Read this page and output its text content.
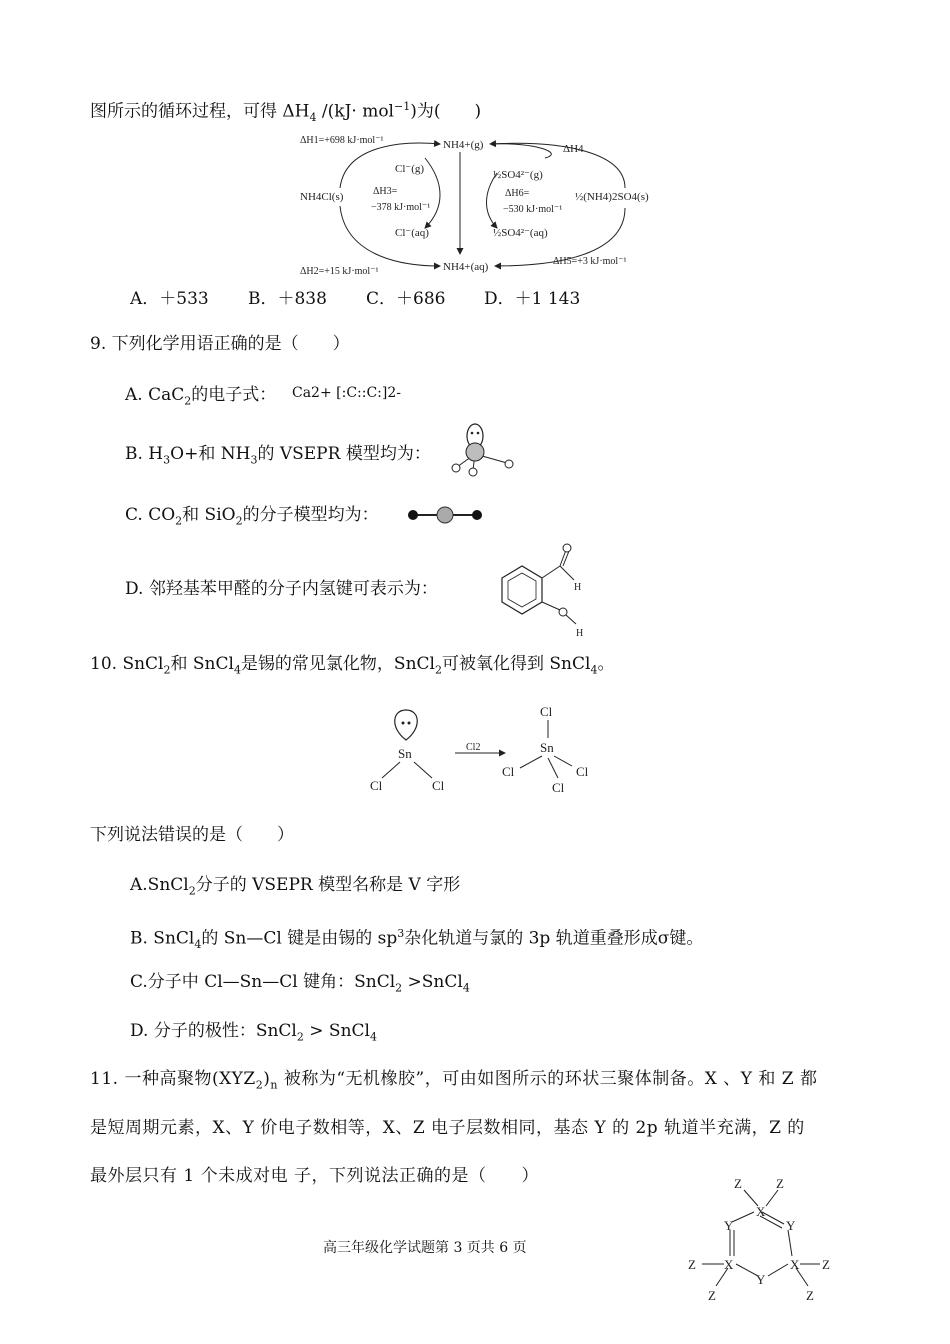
图所示的循环过程，可得 $\Delta H_4$ /(kJ· mol$^{-1}$)为(　　)
ΔH1=+698 kJ·mol⁻¹	NH4+(g)	ΔH4
Cl⁻(g)	½SO4²⁻(g)
NH4Cl(s)	ΔH3=
−378 kJ·mol⁻¹
ΔH6=
−530 kJ·mol⁻¹
½(NH4)2SO4(s)
Cl⁻(aq)	½SO4²⁻(aq)
ΔH2=+15 kJ·mol⁻¹	NH4+(aq)	ΔH5=+3 kJ·mol⁻¹
A．＋533 B．＋838 C．＋686 D．＋1 143
9. 下列化学用语正确的是（　　）
A. CaC$_2$的电子式： Ca2+ [:C::C:]2-
B. $H_3O+$和 $NH_3$的 VSEPR 模型均为：
C. $CO_2$和 SiO$_2$的分子模型均为：
D. 邻羟基苯甲醛的分子内氢键可表示为：	H
H
10. SnCl$_2$和 SnCl$_4$是锡的常见氯化物，SnCl$_2$可被氧化得到 SnCl$_4$。
Sn
Cl	Cl
Cl2
Cl
Sn
Cl	Cl
Cl
下列说法错误的是（　　）
A.SnCl$_2$分子的 VSEPR 模型名称是 V 字形
B. SnCl$_4$的 Sn—Cl 键是由锡的 $sp^3$杂化轨道与氯的 3p 轨道重叠形成σ键。
C.分子中 Cl—Sn—Cl 键角：SnCl$_2$ >SnCl$_4$
D. 分子的极性：SnCl$_2$ > SnCl$_4$
11. 一种高聚物$(XYZ_2)_n$ 被称为“无机橡胶”，可由如图所示的环状三聚体制备。X 、Y 和 Z 都
是短周期元素，X、Y 价电子数相等，X、Z 电子层数相同，基态 Y 的 2p 轨道半充满，Z 的
最外层只有 1 个未成对电 子，下列说法正确的是（　　）
X
Y
X
Y
X
Y
Z	Z
Z
Z
Z
Z
高三年级化学试题第 3 页共 6 页
